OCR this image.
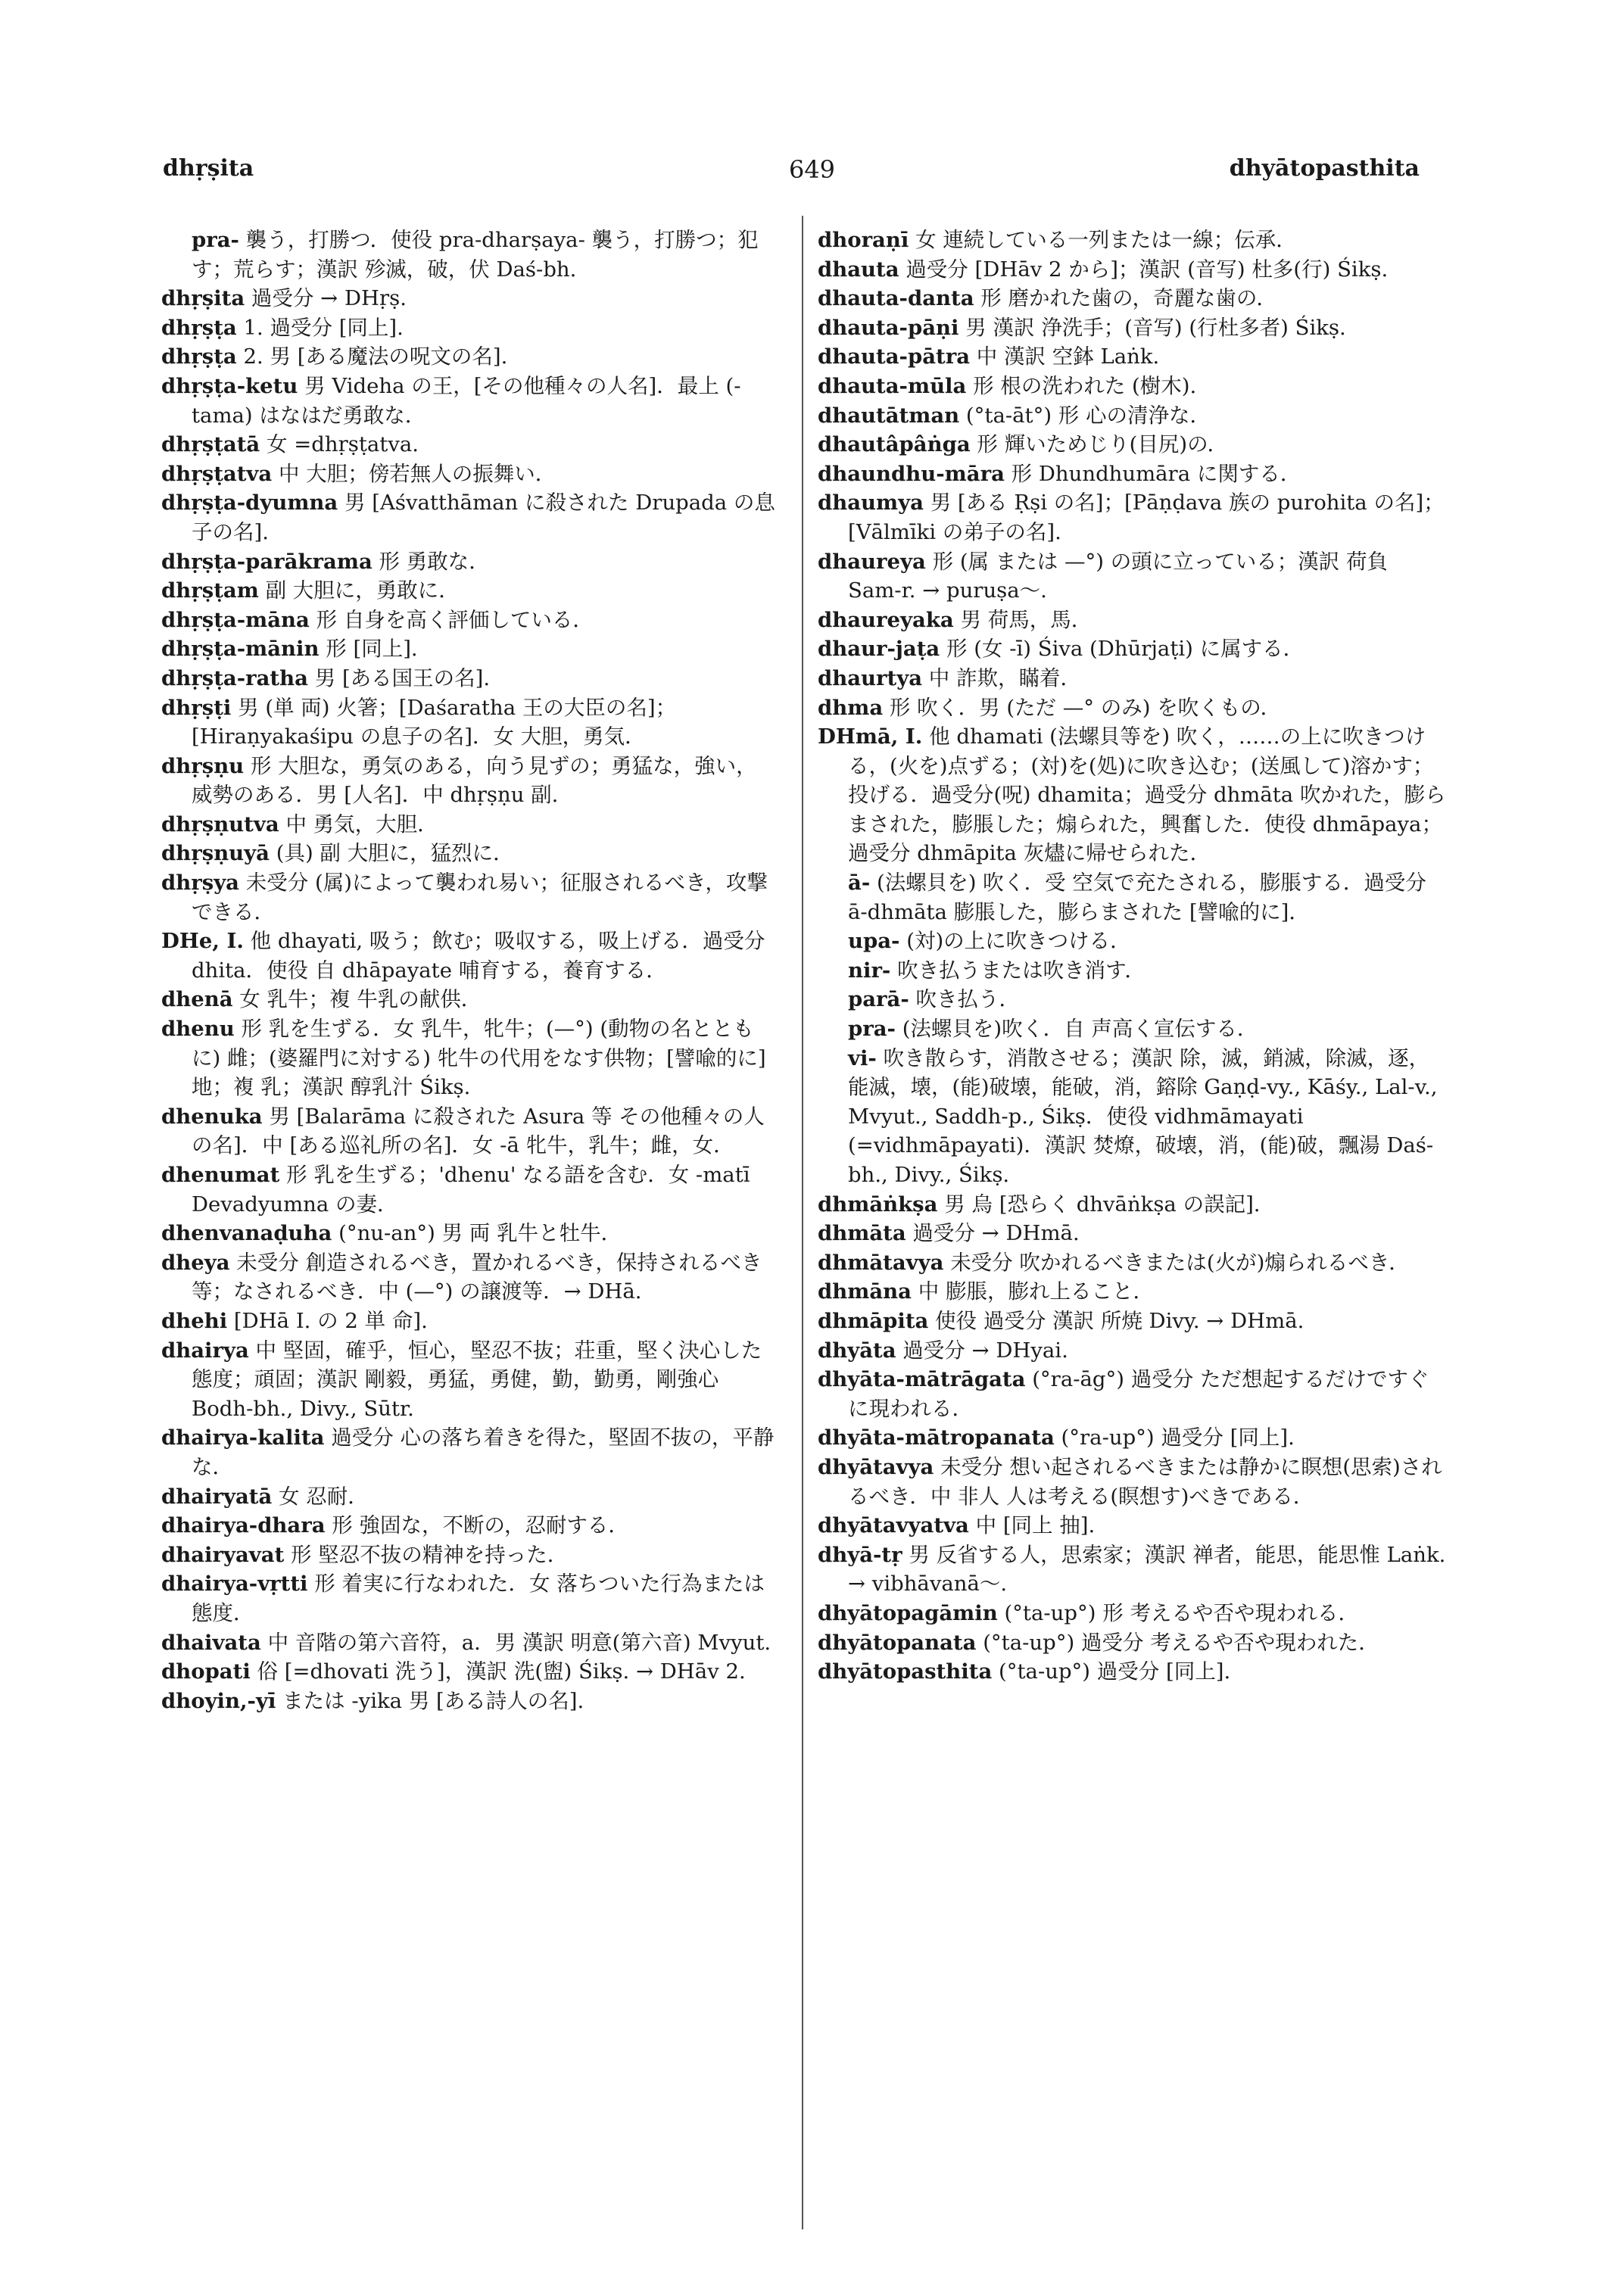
649
dhṛṣita	dhyātopasthita

pra- 襲う，打勝つ．使役 pra-dharṣaya- 襲う，打勝つ；犯す；荒らす；漢訳 殄滅，破，伏 Daś-bh.

dhṛṣita 過受分 → DHṛṣ.

dhṛṣṭa 1. 過受分 [同上].

dhṛṣṭa 2. 男 [ある魔法の呪文の名].

dhṛṣṭa-ketu 男 Videha の王，[その他種々の人名]．最上 (-tama) はなはだ勇敢な．

dhṛṣṭatā 女 =dhṛṣṭatva.

dhṛṣṭatva 中 大胆；傍若無人の振舞い．

dhṛṣṭa-dyumna 男 [Aśvatthāman に殺された Drupada の息子の名].

dhṛṣṭa-parākrama 形 勇敢な．

dhṛṣṭam 副 大胆に，勇敢に．

dhṛṣṭa-māna 形 自身を高く評価している．

dhṛṣṭa-mānin 形 [同上].

dhṛṣṭa-ratha 男 [ある国王の名].

dhṛṣṭi 男 (単 両) 火箸；[Daśaratha 王の大臣の名]；[Hiraṇyakaśipu の息子の名]．女 大胆，勇気．

dhṛṣṇu 形 大胆な，勇気のある，向う見ずの；勇猛な，強い，威勢のある．男 [人名]．中 dhṛṣṇu 副.

dhṛṣṇutva 中 勇気，大胆．

dhṛṣṇuyā (具) 副 大胆に，猛烈に．

dhṛṣya 未受分 (属)によって襲われ易い；征服されるべき，攻撃できる．

DHe, I. 他 dhayati, 吸う；飲む；吸収する，吸上げる．過受分 dhita．使役 自 dhāpayate 哺育する，養育する．

dhenā 女 乳牛；複 牛乳の献供．

dhenu 形 乳を生ずる．女 乳牛，牝牛；(—°) (動物の名とともに) 雌；(婆羅門に対する) 牝牛の代用をなす供物；[譬喩的に] 地；複 乳；漢訳 醇乳汁 Śikṣ.

dhenuka 男 [Balarāma に殺された Asura 等 その他種々の人の名]．中 [ある巡礼所の名]．女 -ā 牝牛，乳牛；雌，女．

dhenumat 形 乳を生ずる；'dhenu' なる語を含む．女 -matī Devadyumna の妻．

dhenvanaḍuha (°nu-an°) 男 両 乳牛と牡牛．

dheya 未受分 創造されるべき，置かれるべき，保持されるべき等；なされるべき．中 (—°) の譲渡等．→ DHā.

dhehi [DHā I. の 2 単 命].

dhairya 中 堅固，確乎，恒心，堅忍不抜；荘重，堅く決心した態度；頑固；漢訳 剛毅，勇猛，勇健，勤，勤勇，剛強心 Bodh-bh., Divy., Sūtr.

dhairya-kalita 過受分 心の落ち着きを得た，堅固不抜の，平静な．

dhairyatā 女 忍耐．

dhairya-dhara 形 強固な，不断の，忍耐する．

dhairyavat 形 堅忍不抜の精神を持った．

dhairya-vṛtti 形 着実に行なわれた．女 落ちついた行為または態度．

dhaivata 中 音階の第六音符，a．男 漢訳 明意(第六音) Mvyut.

dhopati 俗 [=dhovati 洗う]，漢訳 洗(盥) Śikṣ. → DHāv 2.

dhoyin,-yī または -yika 男 [ある詩人の名].

dhoraṇī 女 連続している一列または一線；伝承．

dhauta 過受分 [DHāv 2 から]；漢訳 (音写) 杜多(行) Śikṣ.

dhauta-danta 形 磨かれた歯の，奇麗な歯の．

dhauta-pāṇi 男 漢訳 浄洗手；(音写) (行杜多者) Śikṣ.

dhauta-pātra 中 漢訳 空鉢 Laṅk.

dhauta-mūla 形 根の洗われた (樹木).

dhautātman (°ta-āt°) 形 心の清浄な．

dhautâpâṅga 形 輝いためじり(目尻)の．

dhaundhu-māra 形 Dhundhumāra に関する．

dhaumya 男 [ある Ṛṣi の名]；[Pāṇḍava 族の purohita の名]；[Vālmīki の弟子の名].

dhaureya 形 (属 または —°) の頭に立っている；漢訳 荷負 Sam-r. → puruṣa～.

dhaureyaka 男 荷馬，馬．

dhaur-jaṭa 形 (女 -ī) Śiva (Dhūrjaṭi) に属する．

dhaurtya 中 詐欺，瞞着．

dhma 形 吹く．男 (ただ —° のみ) を吹くもの．

DHmā, I. 他 dhamati (法螺貝等を) 吹く，……の上に吹きつける，(火を)点ずる；(対)を(処)に吹き込む；(送風して)溶かす；投げる．過受分(呪) dhamita；過受分 dhmāta 吹かれた，膨らまされた，膨脹した；煽られた，興奮した．使役 dhmāpaya；過受分 dhmāpita 灰燼に帰せられた．

ā- (法螺貝を) 吹く．受 空気で充たされる，膨脹する．過受分 ā-dhmāta 膨脹した，膨らまされた [譬喩的に]．

upa- (対)の上に吹きつける．

nir- 吹き払うまたは吹き消す．

parā- 吹き払う．

pra- (法螺貝を)吹く．自 声高く宣伝する．

vi- 吹き散らす，消散させる；漢訳 除，滅，銷滅，除滅，逐，能滅，壊，(能)破壊，能破，消，鎔除 Gaṇḍ-vy., Kāśy., Lal-v., Mvyut., Saddh-p., Śikṣ．使役 vidhmāmayati (=vidhmāpayati)．漢訳 焚燎，破壊，消，(能)破，飄湯 Daś-bh., Divy., Śikṣ.

dhmāṅkṣa 男 烏 [恐らく dhvāṅkṣa の誤記].

dhmāta 過受分 → DHmā.

dhmātavya 未受分 吹かれるべきまたは(火が)煽られるべき．

dhmāna 中 膨脹，膨れ上ること．

dhmāpita 使役 過受分 漢訳 所焼 Divy. → DHmā.

dhyāta 過受分 → DHyai.

dhyāta-mātrāgata (°ra-āg°) 過受分 ただ想起するだけですぐに現われる．

dhyāta-mātropanata (°ra-up°) 過受分 [同上].

dhyātavya 未受分 想い起されるべきまたは静かに瞑想(思索)されるべき．中 非人 人は考える(瞑想す)べきである．

dhyātavyatva 中 [同上 抽].

dhyā-tṛ 男 反省する人，思索家；漢訳 禅者，能思，能思惟 Laṅk. → vibhāvanā～.

dhyātopagāmin (°ta-up°) 形 考えるや否や現われる．

dhyātopanata (°ta-up°) 過受分 考えるや否や現われた．

dhyātopasthita (°ta-up°) 過受分 [同上].
